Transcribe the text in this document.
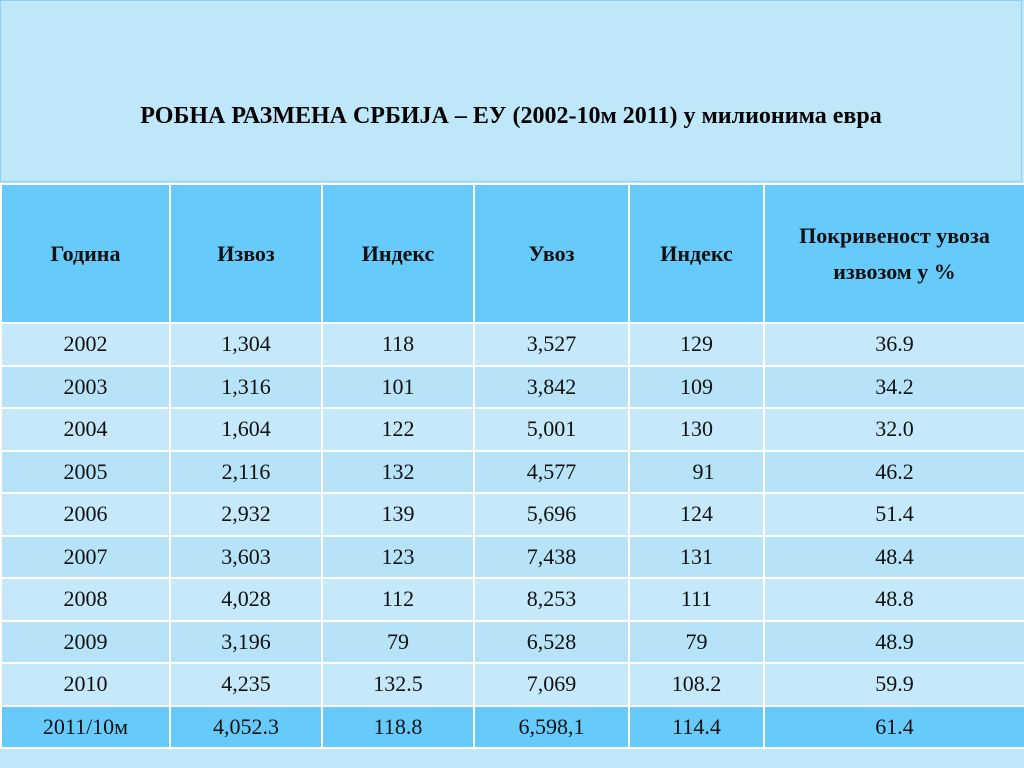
РОБНА РАЗМЕНА СРБИЈА – ЕУ (2002-10м 2011) у милионима евра
Година	Извоз	Индекс	Увоз	Индекс	Покривеност увоза извозом у %
2002	1,304	118	3,527	129	36.9
2003	1,316	101	3,842	109	34.2
2004	1,604	122	5,001	130	32.0
2005	2,116	132	4,577	91	46.2
2006	2,932	139	5,696	124	51.4
2007	3,603	123	7,438	131	48.4
2008	4,028	112	8,253	111	48.8
2009	3,196	79	6,528	79	48.9
2010	4,235	132.5	7,069	108.2	59.9
2011/10м	4,052.3	118.8	6,598,1	114.4	61.4
